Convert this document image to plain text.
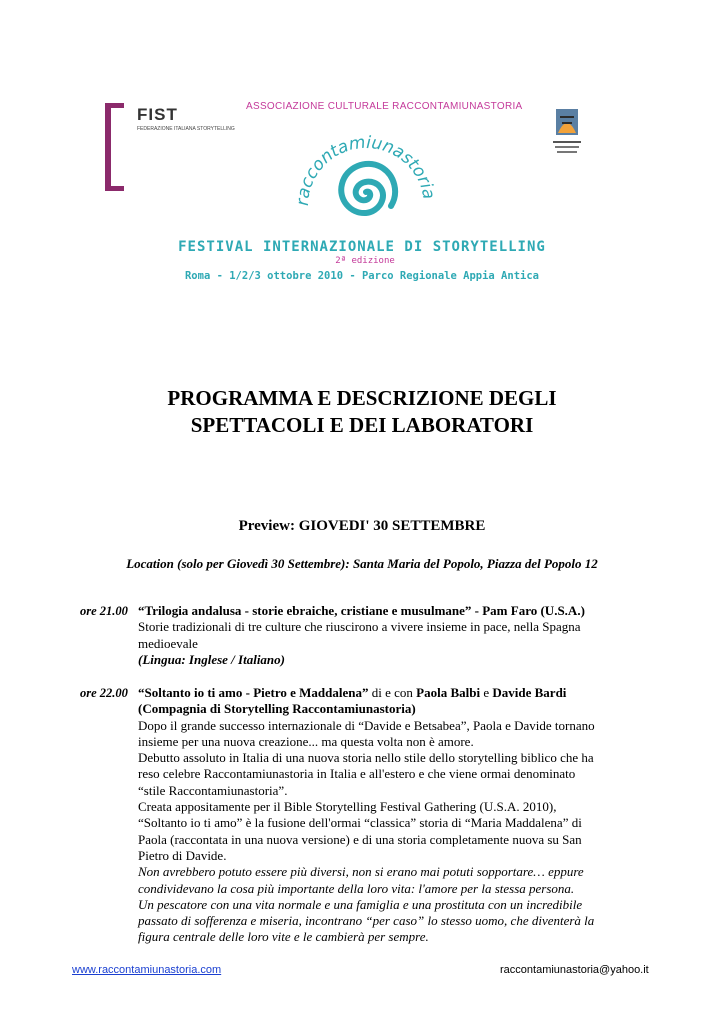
FIST
FEDERAZIONE ITALIANA STORYTELLING
ASSOCIAZIONE CULTURALE RACCONTAMIUNASTORIA
raccontamiunastoria
FESTIVAL INTERNAZIONALE DI STORYTELLING
2ª edizione
Roma - 1/2/3 ottobre 2010 - Parco Regionale Appia Antica
PROGRAMMA E DESCRIZIONE DEGLI
SPETTACOLI E DEI LABORATORI
Preview: GIOVEDI' 30 SETTEMBRE
Location (solo per Giovedì 30 Settembre): Santa Maria del Popolo, Piazza del Popolo 12
ore 21.00 “Trilogia andalusa - storie ebraiche, cristiane e musulmane” - Pam Faro (U.S.A.)

Storie tradizionali di tre culture che riuscirono a vivere insieme in pace, nella Spagna

medioevale

(Lingua: Inglese / Italiano)

ore 22.00 “Soltanto io ti amo - Pietro e Maddalena” di e con Paola Balbi e Davide Bardi

(Compagnia di Storytelling Raccontamiunastoria)

Dopo il grande successo internazionale di “Davide e Betsabea”, Paola e Davide tornano

insieme per una nuova creazione... ma questa volta non è amore.

Debutto assoluto in Italia di una nuova storia nello stile dello storytelling biblico che ha

reso celebre Raccontamiunastoria in Italia e all'estero e che viene ormai denominato

“stile Raccontamiunastoria”.

Creata appositamente per il Bible Storytelling Festival Gathering (U.S.A. 2010),

“Soltanto io ti amo” è la fusione dell'ormai “classica” storia di “Maria Maddalena” di

Paola (raccontata in una nuova versione) e di una storia completamente nuova su San

Pietro di Davide.

Non avrebbero potuto essere più diversi, non si erano mai potuti sopportare… eppure

condividevano la cosa più importante della loro vita: l'amore per la stessa persona.

Un pescatore con una vita normale e una famiglia e una prostituta con un incredibile

passato di sofferenza e miseria, incontrano “per caso” lo stesso uomo, che diventerà la

figura centrale delle loro vite e le cambierà per sempre.

www.raccontamiunastoria.com	raccontamiunastoria@yahoo.it
